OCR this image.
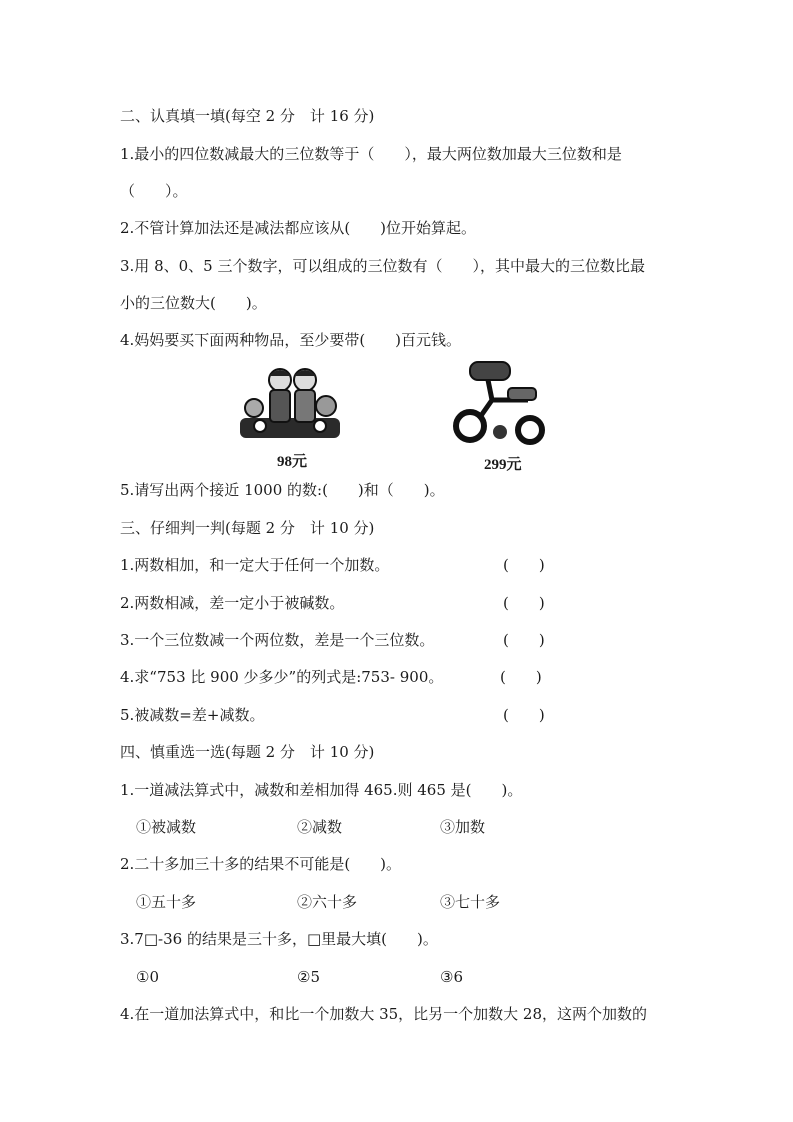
二、认真填一填(每空 2 分　计 16 分)
1.最小的四位数减最大的三位数等于（　　），最大两位数加最大三位数和是
（　　）。
2.不管计算加法还是减法都应该从(　　)位开始算起。
3.用 8、0、5 三个数字，可以组成的三位数有（　　），其中最大的三位数比最
小的三位数大(　　)。
4.妈妈要买下面两种物品，至少要带(　　)百元钱。
98元	299元
5.请写出两个接近 1000 的数:(　　)和（　　)。
三、仔细判一判(每题 2 分　计 10 分)
1.两数相加，和一定大于任何一个加数。	(　　)
2.两数相减，差一定小于被碱数。	(　　)
3.一个三位数减一个两位数，差是一个三位数。	(　　)
4.求“753 比 900 少多少”的列式是:753- 900。	(　　)
5.被减数=差+减数。	(　　)
四、慎重选一选(每题 2 分　计 10 分)
1.一道减法算式中，减数和差相加得 465.则 465 是(　　)。
①被减数	②减数	③加数
2.二十多加三十多的结果不可能是(　　)。
①五十多	②六十多	③七十多
3.7□-36 的结果是三十多，□里最大填(　　)。
①0	②5	③6
4.在一道加法算式中，和比一个加数大 35，比另一个加数大 28，这两个加数的
